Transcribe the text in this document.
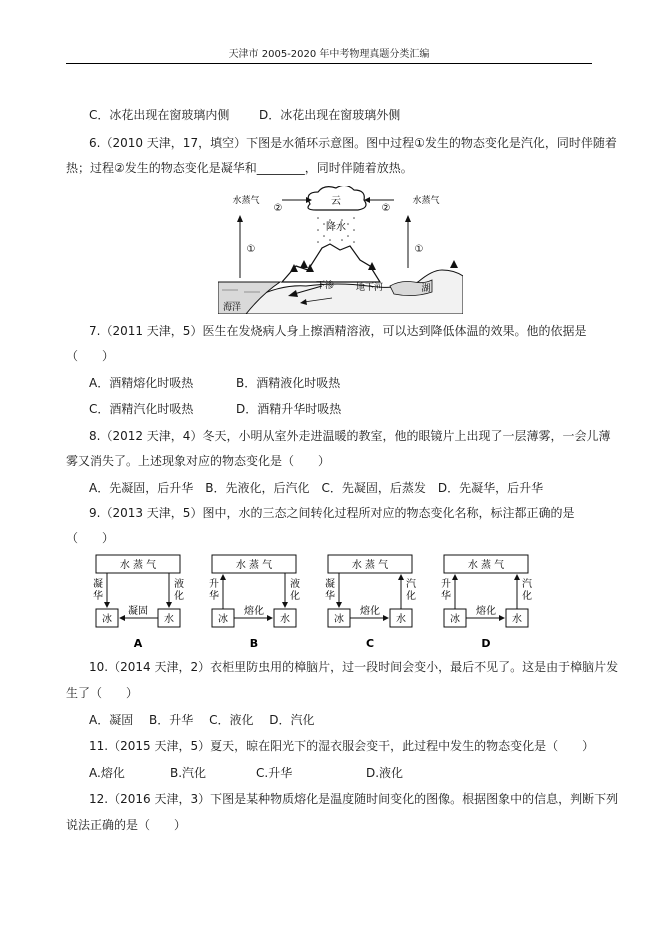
天津市 2005-2020 年中考物理真题分类汇编
C．冰花出现在窗玻璃内侧 D．冰花出现在窗玻璃外侧
6.（2010 天津，17，填空）下图是水循环示意图。图中过程①发生的物态变化是汽化，同时伴随着
热；过程②发生的物态变化是凝华和________，同时伴随着放热。
云
降水
水蒸气
②	②
水蒸气
①	①
海洋
湖
下渗 地下河
7.（2011 天津，5）医生在发烧病人身上擦酒精溶液，可以达到降低体温的效果。他的依据是
（　　）
A．酒精熔化时吸热	B．酒精液化时吸热
C．酒精汽化时吸热	D．酒精升华时吸热
8.（2012 天津，4）冬天，小明从室外走进温暖的教室，他的眼镜片上出现了一层薄雾，一会儿薄
雾又消失了。上述现象对应的物态变化是（　　）
A．先凝固，后升华　B．先液化，后汽化　C．先凝固，后蒸发　D．先凝华，后升华
9.（2013 天津，5）图中，水的三态之间转化过程所对应的物态变化名称，标注都正确的是
（　　）
水 蒸 气
冰	水
凝
华
液
化
凝固
A
水 蒸 气
冰	水
升
华
液
化
熔化
B
水 蒸 气
冰	水
凝
华
汽
化
熔化
C
水 蒸 气
冰	水
升
华
汽
化
熔化
D
10.（2014 天津，2）衣柜里防虫用的樟脑片，过一段时间会变小，最后不见了。这是由于樟脑片发
生了（　　）
A．凝固　 B．升华　 C．液化　 D．汽化
11.（2015 天津，5）夏天，晾在阳光下的湿衣服会变干，此过程中发生的物态变化是（　　）
A.熔化	B.汽化	C.升华	D.液化
12.（2016 天津，3）下图是某种物质熔化是温度随时间变化的图像。根据图象中的信息，判断下列
说法正确的是（　　）
